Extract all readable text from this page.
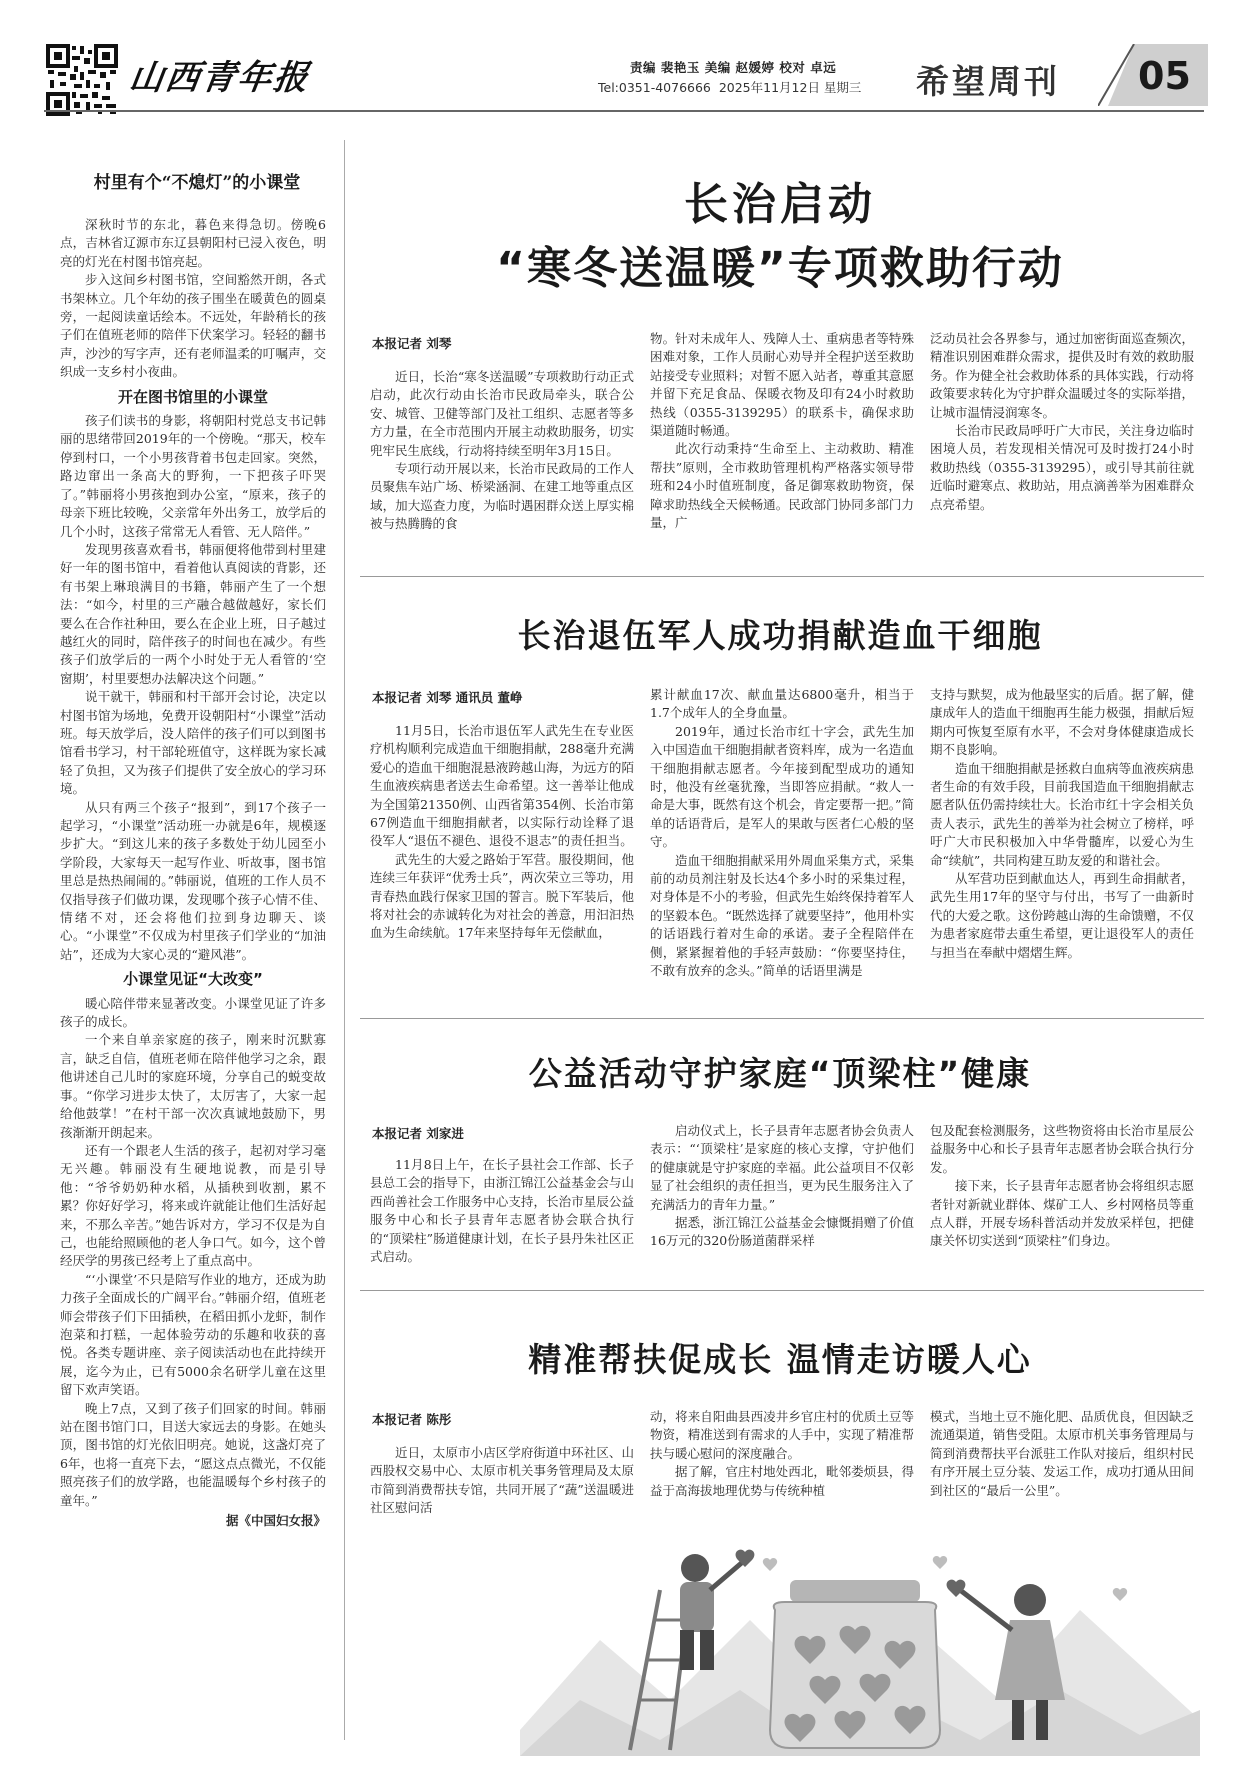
山西青年报	责编 裴艳玉 美编 赵媛婷 校对 卓远
Tel:0351-4076666  2025年11月12日 星期三 希望周刊 05
村里有个“不熄灯”的小课堂

深秋时节的东北，暮色来得急切。傍晚6点，吉林省辽源市东辽县朝阳村已浸入夜色，明亮的灯光在村图书馆亮起。

步入这间乡村图书馆，空间豁然开朗，各式书架林立。几个年幼的孩子围坐在暖黄色的圆桌旁，一起阅读童话绘本。不远处，年龄稍长的孩子们在值班老师的陪伴下伏案学习。轻轻的翻书声，沙沙的写字声，还有老师温柔的叮嘱声，交织成一支乡村小夜曲。

开在图书馆里的小课堂

孩子们读书的身影，将朝阳村党总支书记韩丽的思绪带回2019年的一个傍晚。“那天，校车停到村口，一个小男孩背着书包走回家。突然，路边窜出一条高大的野狗，一下把孩子吓哭了。”韩丽将小男孩抱到办公室，“原来，孩子的母亲下班比较晚，父亲常年外出务工，放学后的几个小时，这孩子常常无人看管、无人陪伴。”

发现男孩喜欢看书，韩丽便将他带到村里建好一年的图书馆中，看着他认真阅读的背影，还有书架上琳琅满目的书籍，韩丽产生了一个想法：“如今，村里的三产融合越做越好，家长们要么在合作社种田，要么在企业上班，日子越过越红火的同时，陪伴孩子的时间也在减少。有些孩子们放学后的一两个小时处于无人看管的‘空窗期’，村里要想办法解决这个问题。”

说干就干，韩丽和村干部开会讨论，决定以村图书馆为场地，免费开设朝阳村“小课堂”活动班。每天放学后，没人陪伴的孩子们可以到图书馆看书学习，村干部轮班值守，这样既为家长减轻了负担，又为孩子们提供了安全放心的学习环境。

从只有两三个孩子“报到”，到17个孩子一起学习，“小课堂”活动班一办就是6年，规模逐步扩大。“到这儿来的孩子多数处于幼儿园至小学阶段，大家每天一起写作业、听故事，图书馆里总是热热闹闹的。”韩丽说，值班的工作人员不仅指导孩子们做功课，发现哪个孩子心情不佳、情绪不对，还会将他们拉到身边聊天、谈心。“小课堂”不仅成为村里孩子们学业的“加油站”，还成为大家心灵的“避风港”。

小课堂见证“大改变”

暖心陪伴带来显著改变。小课堂见证了许多孩子的成长。

一个来自单亲家庭的孩子，刚来时沉默寡言，缺乏自信，值班老师在陪伴他学习之余，跟他讲述自己儿时的家庭环境，分享自己的蜕变故事。“你学习进步太快了，太厉害了，大家一起给他鼓掌！”在村干部一次次真诚地鼓励下，男孩渐渐开朗起来。

还有一个跟老人生活的孩子，起初对学习毫无兴趣。韩丽没有生硬地说教，而是引导他：“爷爷奶奶种水稻，从插秧到收割，累不累？你好好学习，将来或许就能让他们生活好起来，不那么辛苦。”她告诉对方，学习不仅是为自己，也能给照顾他的老人争口气。如今，这个曾经厌学的男孩已经考上了重点高中。

“‘小课堂’不只是陪写作业的地方，还成为助力孩子全面成长的广阔平台。”韩丽介绍，值班老师会带孩子们下田插秧，在稻田抓小龙虾，制作泡菜和打糕，一起体验劳动的乐趣和收获的喜悦。各类专题讲座、亲子阅读活动也在此持续开展，迄今为止，已有5000余名研学儿童在这里留下欢声笑语。

晚上7点，又到了孩子们回家的时间。韩丽站在图书馆门口，目送大家远去的身影。在她头顶，图书馆的灯光依旧明亮。她说，这盏灯亮了6年，也将一直亮下去，“愿这点点微光，不仅能照亮孩子们的放学路，也能温暖每个乡村孩子的童年。”

据《中国妇女报》
长治启动
“寒冬送温暖”专项救助行动
本报记者 刘琴

近日，长治“寒冬送温暖”专项救助行动正式启动，此次行动由长治市民政局牵头，联合公安、城管、卫健等部门及社工组织、志愿者等多方力量，在全市范围内开展主动救助服务，切实兜牢民生底线，行动将持续至明年3月15日。

专项行动开展以来，长治市民政局的工作人员聚焦车站广场、桥梁涵洞、在建工地等重点区域，加大巡查力度，为临时遇困群众送上厚实棉被与热腾腾的食

物。针对未成年人、残障人士、重病患者等特殊困难对象，工作人员耐心劝导并全程护送至救助站接受专业照料；对暂不愿入站者，尊重其意愿并留下充足食品、保暖衣物及印有24小时救助热线（0355-3139295）的联系卡，确保求助渠道随时畅通。

此次行动秉持“生命至上、主动救助、精准帮扶”原则，全市救助管理机构严格落实领导带班和24小时值班制度，备足御寒救助物资，保障求助热线全天候畅通。民政部门协同多部门力量，广

泛动员社会各界参与，通过加密街面巡查频次，精准识别困难群众需求，提供及时有效的救助服务。作为健全社会救助体系的具体实践，行动将政策要求转化为守护群众温暖过冬的实际举措，让城市温情浸润寒冬。

长治市民政局呼吁广大市民，关注身边临时困境人员，若发现相关情况可及时拨打24小时救助热线（0355-3139295），或引导其前往就近临时避寒点、救助站，用点滴善举为困难群众点亮希望。

长治退伍军人成功捐献造血干细胞
本报记者 刘琴 通讯员 董峥

11月5日，长治市退伍军人武先生在专业医疗机构顺利完成造血干细胞捐献，288毫升充满爱心的造血干细胞混悬液跨越山海，为远方的陌生血液疾病患者送去生命希望。这一善举让他成为全国第21350例、山西省第354例、长治市第67例造血干细胞捐献者，以实际行动诠释了退役军人“退伍不褪色、退役不退志”的责任担当。

武先生的大爱之路始于军营。服役期间，他连续三年获评“优秀士兵”，两次荣立三等功，用青春热血践行保家卫国的誓言。脱下军装后，他将对社会的赤诚转化为对社会的善意，用汩汩热血为生命续航。17年来坚持每年无偿献血，

累计献血17次、献血量达6800毫升，相当于1.7个成年人的全身血量。

2019年，通过长治市红十字会，武先生加入中国造血干细胞捐献者资料库，成为一名造血干细胞捐献志愿者。今年接到配型成功的通知时，他没有丝毫犹豫，当即答应捐献。“救人一命是大事，既然有这个机会，肯定要帮一把。”简单的话语背后，是军人的果敢与医者仁心般的坚守。

造血干细胞捐献采用外周血采集方式，采集前的动员剂注射及长达4个多小时的采集过程，对身体是不小的考验，但武先生始终保持着军人的坚毅本色。“既然选择了就要坚持”，他用朴实的话语践行着对生命的承诺。妻子全程陪伴在侧，紧紧握着他的手轻声鼓励：“你要坚持住，不敢有放弃的念头。”简单的话语里满是

支持与默契，成为他最坚实的后盾。据了解，健康成年人的造血干细胞再生能力极强，捐献后短期内可恢复至原有水平，不会对身体健康造成长期不良影响。

造血干细胞捐献是拯救白血病等血液疾病患者生命的有效手段，目前我国造血干细胞捐献志愿者队伍仍需持续壮大。长治市红十字会相关负责人表示，武先生的善举为社会树立了榜样，呼吁广大市民积极加入中华骨髓库，以爱心为生命“续航”，共同构建互助友爱的和谐社会。

从军营功臣到献血达人，再到生命捐献者，武先生用17年的坚守与付出，书写了一曲新时代的大爱之歌。这份跨越山海的生命馈赠，不仅为患者家庭带去重生希望，更让退役军人的责任与担当在奉献中熠熠生辉。

公益活动守护家庭“顶梁柱”健康
本报记者 刘家进

11月8日上午，在长子县社会工作部、长子县总工会的指导下，由浙江锦江公益基金会与山西尚善社会工作服务中心支持，长治市星辰公益服务中心和长子县青年志愿者协会联合执行的“顶梁柱”肠道健康计划，在长子县丹朱社区正式启动。

启动仪式上，长子县青年志愿者协会负责人表示：“‘顶梁柱’是家庭的核心支撑，守护他们的健康就是守护家庭的幸福。此公益项目不仅彰显了社会组织的责任担当，更为民生服务注入了充满活力的青年力量。”

据悉，浙江锦江公益基金会慷慨捐赠了价值16万元的320份肠道菌群采样

包及配套检测服务，这些物资将由长治市星辰公益服务中心和长子县青年志愿者协会联合执行分发。

接下来，长子县青年志愿者协会将组织志愿者针对新就业群体、煤矿工人、乡村网格员等重点人群，开展专场科普活动并发放采样包，把健康关怀切实送到“顶梁柱”们身边。

精准帮扶促成长 温情走访暖人心
本报记者 陈彤

近日，太原市小店区学府街道中环社区、山西股权交易中心、太原市机关事务管理局及太原市简到消费帮扶专馆，共同开展了“蔬”送温暖进社区慰问活

动，将来自阳曲县西凌井乡官庄村的优质土豆等物资，精准送到有需求的人手中，实现了精准帮扶与暖心慰问的深度融合。

据了解，官庄村地处西北，毗邻娄烦县，得益于高海拔地理优势与传统种植

模式，当地土豆不施化肥、品质优良，但因缺乏流通渠道，销售受阻。太原市机关事务管理局与简到消费帮扶平台派驻工作队对接后，组织村民有序开展土豆分装、发运工作，成功打通从田间到社区的“最后一公里”。
